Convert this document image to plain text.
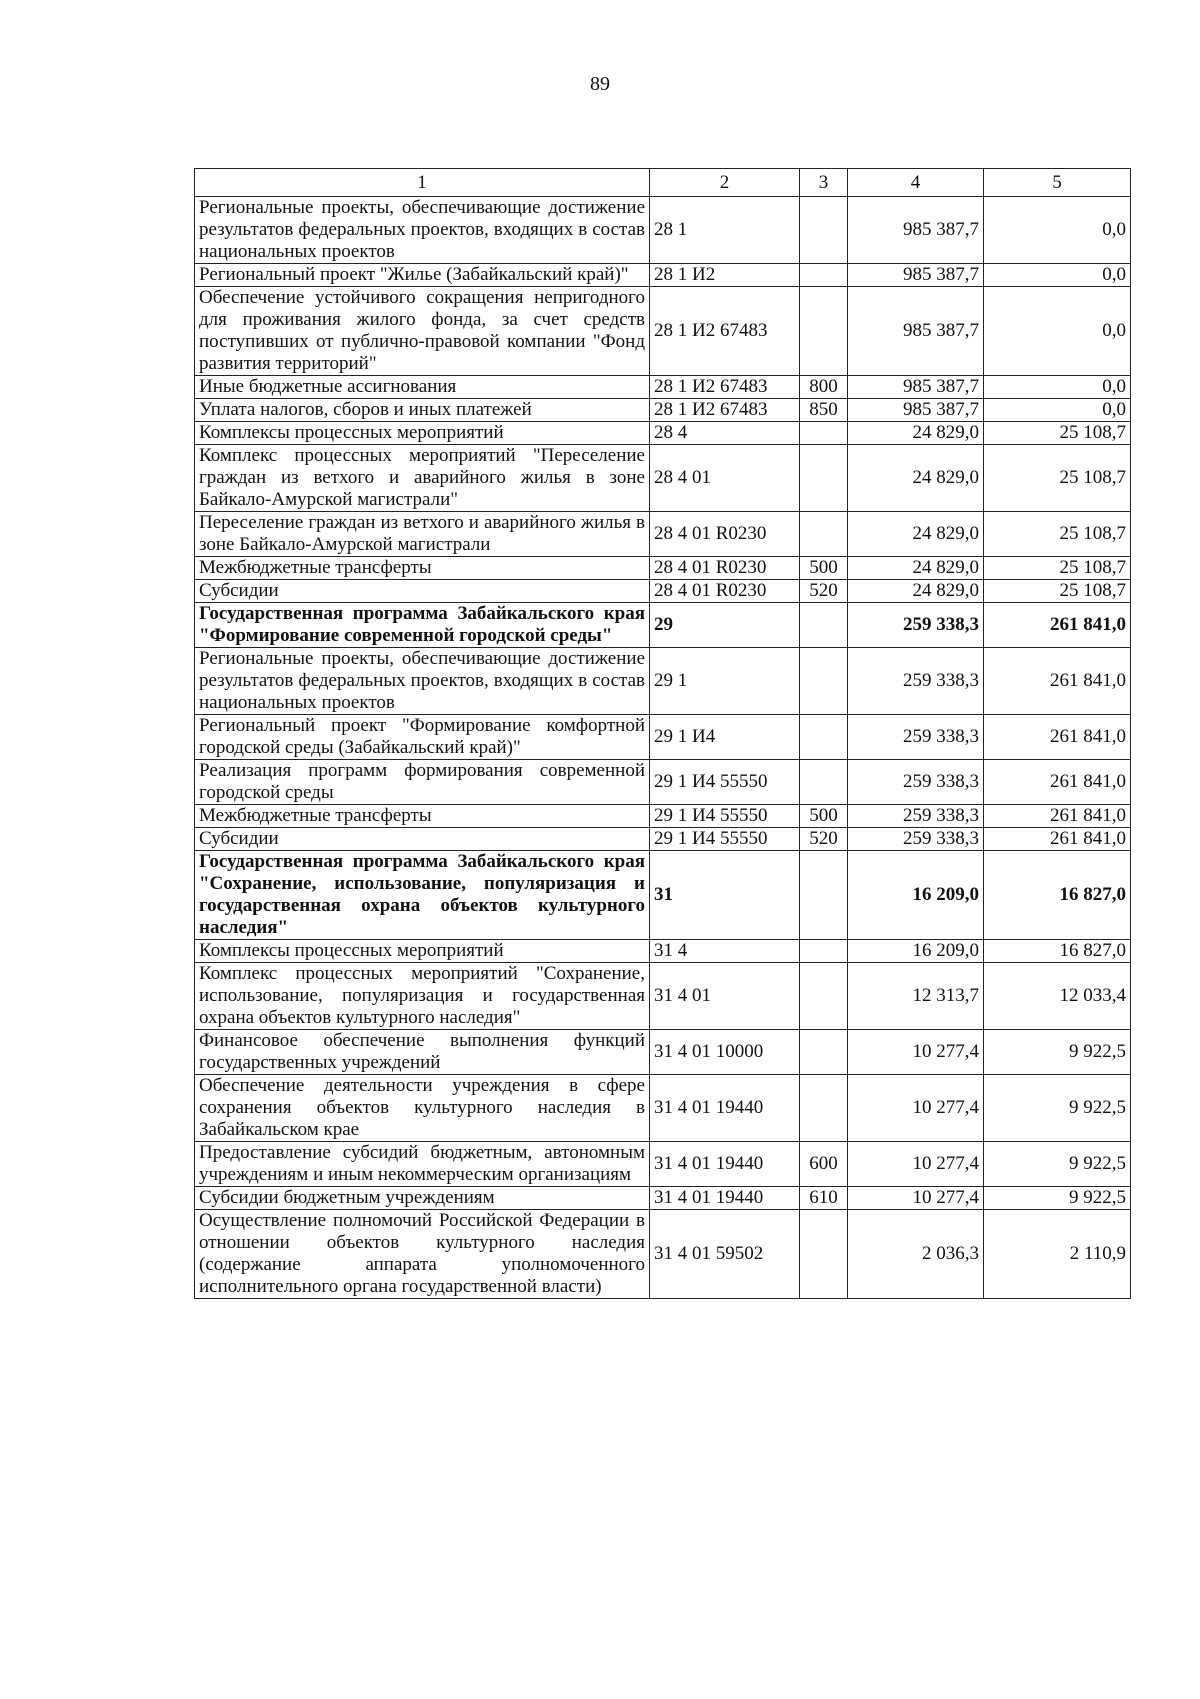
89
1	2	3	4	5
Региональные проекты, обеспечивающие достижение результатов федеральных проектов, входящих в состав национальных проектов	28 1		985 387,7	0,0
Региональный проект "Жилье (Забайкальский край)"	28 1 И2		985 387,7	0,0
Обеспечение устойчивого сокращения непригодного для проживания жилого фонда, за счет средств поступивших от публично-правовой компании "Фонд развития территорий"	28 1 И2 67483		985 387,7	0,0
Иные бюджетные ассигнования	28 1 И2 67483	800	985 387,7	0,0
Уплата налогов, сборов и иных платежей	28 1 И2 67483	850	985 387,7	0,0
Комплексы процессных мероприятий	28 4		24 829,0	25 108,7
Комплекс процессных мероприятий "Переселение граждан из ветхого и аварийного жилья в зоне Байкало-Амурской магистрали"	28 4 01		24 829,0	25 108,7
Переселение граждан из ветхого и аварийного жилья в зоне Байкало-Амурской магистрали	28 4 01 R0230		24 829,0	25 108,7
Межбюджетные трансферты	28 4 01 R0230	500	24 829,0	25 108,7
Субсидии	28 4 01 R0230	520	24 829,0	25 108,7
Государственная программа Забайкальского края "Формирование современной городской среды"	29		259 338,3	261 841,0
Региональные проекты, обеспечивающие достижение результатов федеральных проектов, входящих в состав национальных проектов	29 1		259 338,3	261 841,0
Региональный проект "Формирование комфортной городской среды (Забайкальский край)"	29 1 И4		259 338,3	261 841,0
Реализация программ формирования современной городской среды	29 1 И4 55550		259 338,3	261 841,0
Межбюджетные трансферты	29 1 И4 55550	500	259 338,3	261 841,0
Субсидии	29 1 И4 55550	520	259 338,3	261 841,0
Государственная программа Забайкальского края "Сохранение, использование, популяризация и государственная охрана объектов культурного наследия"	31		16 209,0	16 827,0
Комплексы процессных мероприятий	31 4		16 209,0	16 827,0
Комплекс процессных мероприятий "Сохранение, использование, популяризация и государственная охрана объектов культурного наследия"	31 4 01		12 313,7	12 033,4
Финансовое обеспечение выполнения функций государственных учреждений	31 4 01 10000		10 277,4	9 922,5
Обеспечение деятельности учреждения в сфере сохранения объектов культурного наследия в Забайкальском крае	31 4 01 19440		10 277,4	9 922,5
Предоставление субсидий бюджетным, автономным учреждениям и иным некоммерческим организациям	31 4 01 19440	600	10 277,4	9 922,5
Субсидии бюджетным учреждениям	31 4 01 19440	610	10 277,4	9 922,5
Осуществление полномочий Российской Федерации в отношении объектов культурного наследия (содержание аппарата уполномоченного исполнительного органа государственной власти)	31 4 01 59502		2 036,3	2 110,9
